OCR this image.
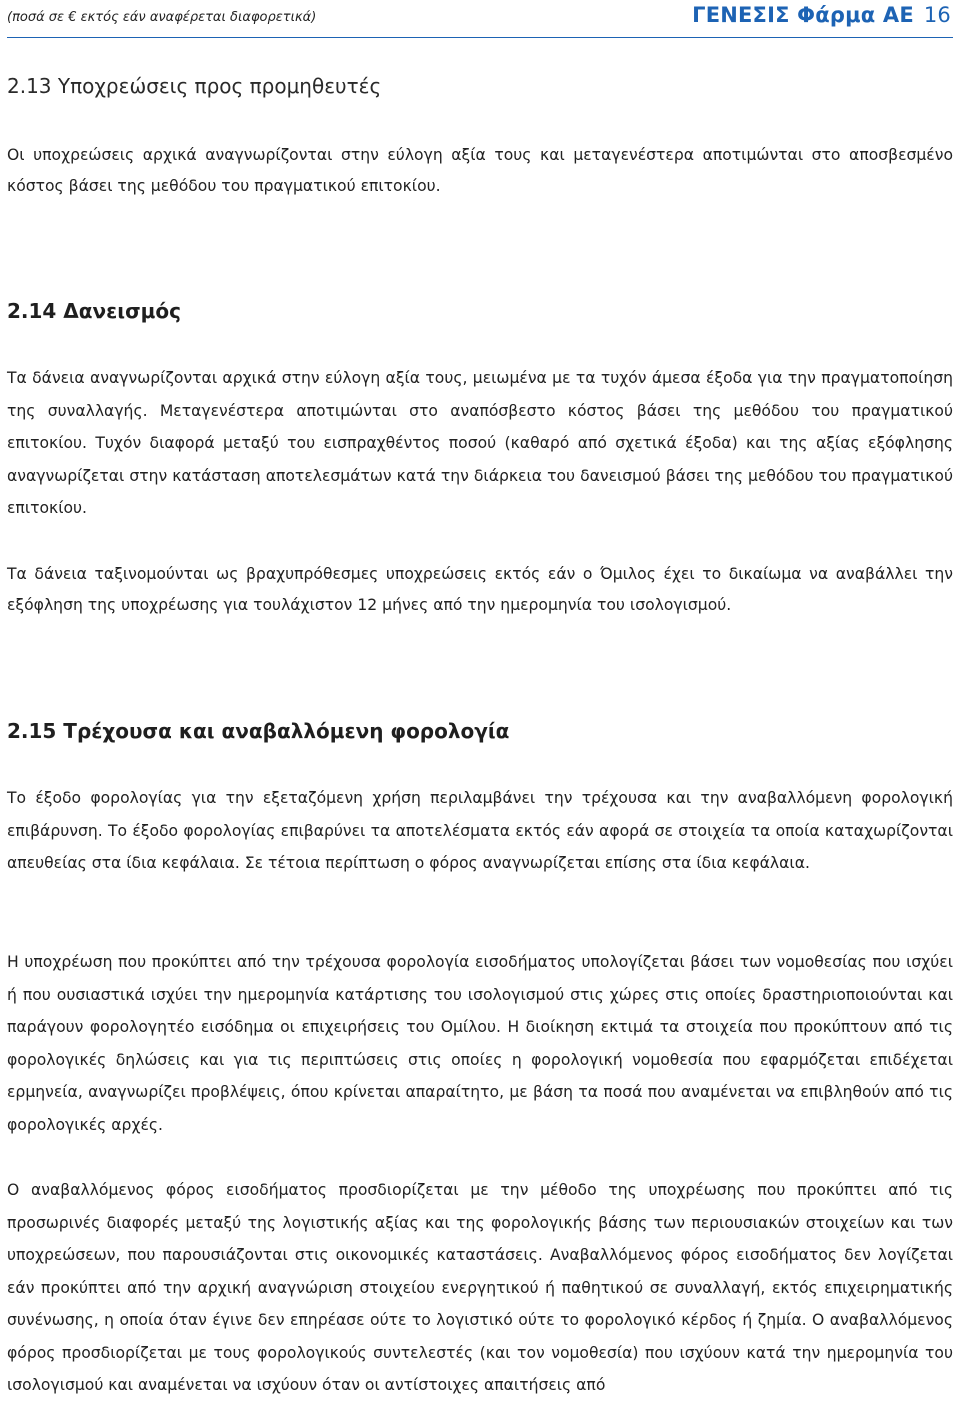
(ποσά σε € εκτός εάν αναφέρεται διαφορετικά)	ΓΕΝΕΣΙΣ Φάρμα ΑΕ 16
2.13 Υποχρεώσεις προς προμηθευτές

Οι υποχρεώσεις αρχικά αναγνωρίζονται στην εύλογη αξία τους και μεταγενέστερα αποτιμώνται στο αποσβεσμένο κόστος βάσει της μεθόδου του πραγματικού επιτοκίου.

2.14 Δανεισμός

Τα δάνεια αναγνωρίζονται αρχικά στην εύλογη αξία τους, μειωμένα με τα τυχόν άμεσα έξοδα για την πραγματοποίηση της συναλλαγής. Μεταγενέστερα αποτιμώνται στο αναπόσβεστο κόστος βάσει της μεθόδου του πραγματικού επιτοκίου. Τυχόν διαφορά μεταξύ του εισπραχθέντος ποσού (καθαρό από σχετικά έξοδα) και της αξίας εξόφλησης αναγνωρίζεται στην κατάσταση αποτελεσμάτων κατά την διάρκεια του δανεισμού βάσει της μεθόδου του πραγματικού επιτοκίου.

Τα δάνεια ταξινομούνται ως βραχυπρόθεσμες υποχρεώσεις εκτός εάν ο Όμιλος έχει το δικαίωμα να αναβάλλει την εξόφληση της υποχρέωσης για τουλάχιστον 12 μήνες από την ημερομηνία του ισολογισμού.

2.15 Τρέχουσα και αναβαλλόμενη φορολογία

Το έξοδο φορολογίας για την εξεταζόμενη χρήση περιλαμβάνει την τρέχουσα και την αναβαλλόμενη φορολογική επιβάρυνση. Το έξοδο φορολογίας επιβαρύνει τα αποτελέσματα εκτός εάν αφορά σε στοιχεία τα οποία καταχωρίζονται απευθείας στα ίδια κεφάλαια. Σε τέτοια περίπτωση ο φόρος αναγνωρίζεται επίσης στα ίδια κεφάλαια.

Η υποχρέωση που προκύπτει από την τρέχουσα φορολογία εισοδήματος υπολογίζεται βάσει των νομοθεσίας που ισχύει ή που ουσιαστικά ισχύει την ημερομηνία κατάρτισης του ισολογισμού στις χώρες στις οποίες δραστηριοποιούνται και παράγουν φορολογητέο εισόδημα οι επιχειρήσεις του Ομίλου. Η διοίκηση εκτιμά τα στοιχεία που προκύπτουν από τις φορολογικές δηλώσεις και για τις περιπτώσεις στις οποίες η φορολογική νομοθεσία που εφαρμόζεται επιδέχεται ερμηνεία, αναγνωρίζει προβλέψεις, όπου κρίνεται απαραίτητο, με βάση τα ποσά που αναμένεται να επιβληθούν από τις φορολογικές αρχές.

Ο αναβαλλόμενος φόρος εισοδήματος προσδιορίζεται με την μέθοδο της υποχρέωσης που προκύπτει από τις προσωρινές διαφορές μεταξύ της λογιστικής αξίας και της φορολογικής βάσης των περιουσιακών στοιχείων και των υποχρεώσεων, που παρουσιάζονται στις οικονομικές καταστάσεις. Αναβαλλόμενος φόρος εισοδήματος δεν λογίζεται εάν προκύπτει από την αρχική αναγνώριση στοιχείου ενεργητικού ή παθητικού σε συναλλαγή, εκτός επιχειρηματικής συνένωσης, η οποία όταν έγινε δεν επηρέασε ούτε το λογιστικό ούτε το φορολογικό κέρδος ή ζημία. Ο αναβαλλόμενος φόρος προσδιορίζεται με τους φορολογικούς συντελεστές (και τον νομοθεσία) που ισχύουν κατά την ημερομηνία του ισολογισμού και αναμένεται να ισχύουν όταν οι αντίστοιχες απαιτήσεις από
